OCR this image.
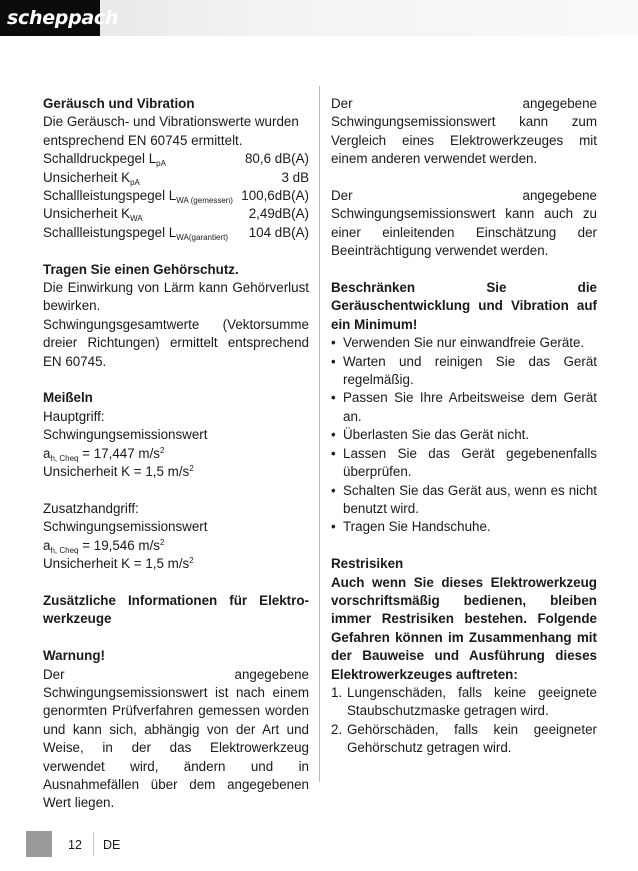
scheppach

Geräusch und Vibration

Die Geräusch- und Vibrationswerte wurden entsprechend EN 60745 ermittelt.

Schalldruckpegel $L_{pA}$	80,6 dB(A)
Unsicherheit $K_{pA}$	3 dB
Schallleistungspegel $L_{WA (gemessen)}$ 100,6dB(A)
Unsicherheit $K_{WA}$	2,49dB(A)
Schallleistungspegel $L_{WA(garantiert)}$ 104 dB(A)

Tragen Sie einen Gehörschutz.

Die Einwirkung von Lärm kann Gehörverlust bewirken.

Schwingungsgesamtwerte (Vektorsumme dreier Richtungen) ermittelt entsprechend EN 60745.

Meißeln

Hauptgriff:

Schwingungsemissionswert

$a_{h, Cheq} = 17,447$ $m/s^2$

Unsicherheit K = 1,5 $m/s^2$

Zusatzhandgriff:

Schwingungsemissionswert

$a_{h, Cheq} = 19,546$ $m/s^2$

Unsicherheit K = 1,5 $m/s^2$

Zusätzliche Informationen für Elektro-

werkzeuge

Warnung!

Der angegebene Schwingungsemissionswert ist nach einem genormten Prüfverfahren gemessen worden und kann sich, abhängig von der Art und Weise, in der das Elektrowerkzeug verwendet wird, ändern und in Ausnahmefällen über dem angegebenen Wert liegen.

Der angegebene Schwingungsemissionswert kann zum Vergleich eines Elektrowerkzeuges mit einem anderen verwendet werden.

Der angegebene Schwingungsemissionswert kann auch zu einer einleitenden Einschätzung der Beeinträchtigung verwendet werden.

Beschränken Sie die Geräuschentwicklung und Vibration auf ein Minimum!

• Verwenden Sie nur einwandfreie Geräte.
• Warten und reinigen Sie das Gerät regelmäßig.
• Passen Sie Ihre Arbeitsweise dem Gerät an.
• Überlasten Sie das Gerät nicht.
• Lassen Sie das Gerät gegebenenfalls überprüfen.
• Schalten Sie das Gerät aus, wenn es nicht benutzt wird.
• Tragen Sie Handschuhe.

Restrisiken

Auch wenn Sie dieses Elektrowerkzeug vorschriftsmäßig bedienen, bleiben immer Restrisiken bestehen. Folgende Gefahren können im Zusammenhang mit der Bauweise und Ausführung dieses Elektrowerkzeuges auftreten:

1. Lungenschäden, falls keine geeignete Staubschutzmaske getragen wird.
2. Gehörschäden, falls kein geeigneter Gehörschutz getragen wird.
12	DE
